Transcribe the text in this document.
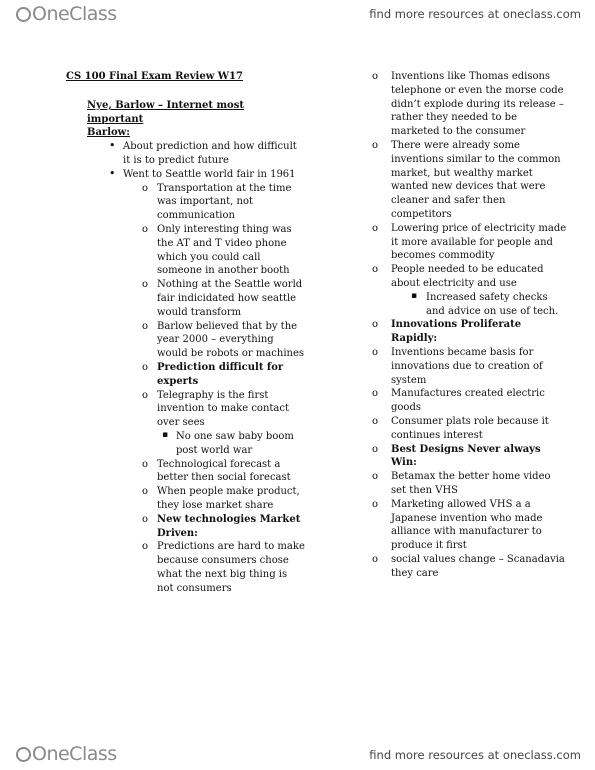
OneClass	find more resources at oneclass.com

CS 100 Final Exam Review W17

Nye, Barlow – Internet most

important

Barlow:

• About prediction and how difficult it is to predict future
• Went to Seattle world fair in 1961
o Transportation at the time was important, not communication
o Only interesting thing was the AT and T video phone which you could call someone in another booth
o Nothing at the Seattle world fair indicidated how seattle would transform
o Barlow believed that by the year 2000 – everything would be robots or machines
o Prediction difficult for experts
o Telegraphy is the first invention to make contact over sees
▪ No one saw baby boom post world war
o Technological forecast a better then social forecast
o When people make product, they lose market share
o New technologies Market Driven:
o Predictions are hard to make because consumers chose what the next big thing is not consumers
o Inventions like Thomas edisons telephone or even the morse code didn’t explode during its release – rather they needed to be marketed to the consumer
o There were already some inventions similar to the common market, but wealthy market wanted new devices that were cleaner and safer then competitors
o Lowering price of electricity made it more available for people and becomes commodity
o People needed to be educated about electricity and use
▪ Increased safety checks and advice on use of tech.
o Innovations Proliferate Rapidly:
o Inventions became basis for innovations due to creation of system
o Manufactures created electric goods
o Consumer plats role because it continues interest
o Best Designs Never always Win:
o Betamax the better home video set then VHS
o Marketing allowed VHS a a Japanese invention who made alliance with manufacturer to produce it first
o social values change – Scanadavia they care
OneClass	find more resources at oneclass.com
